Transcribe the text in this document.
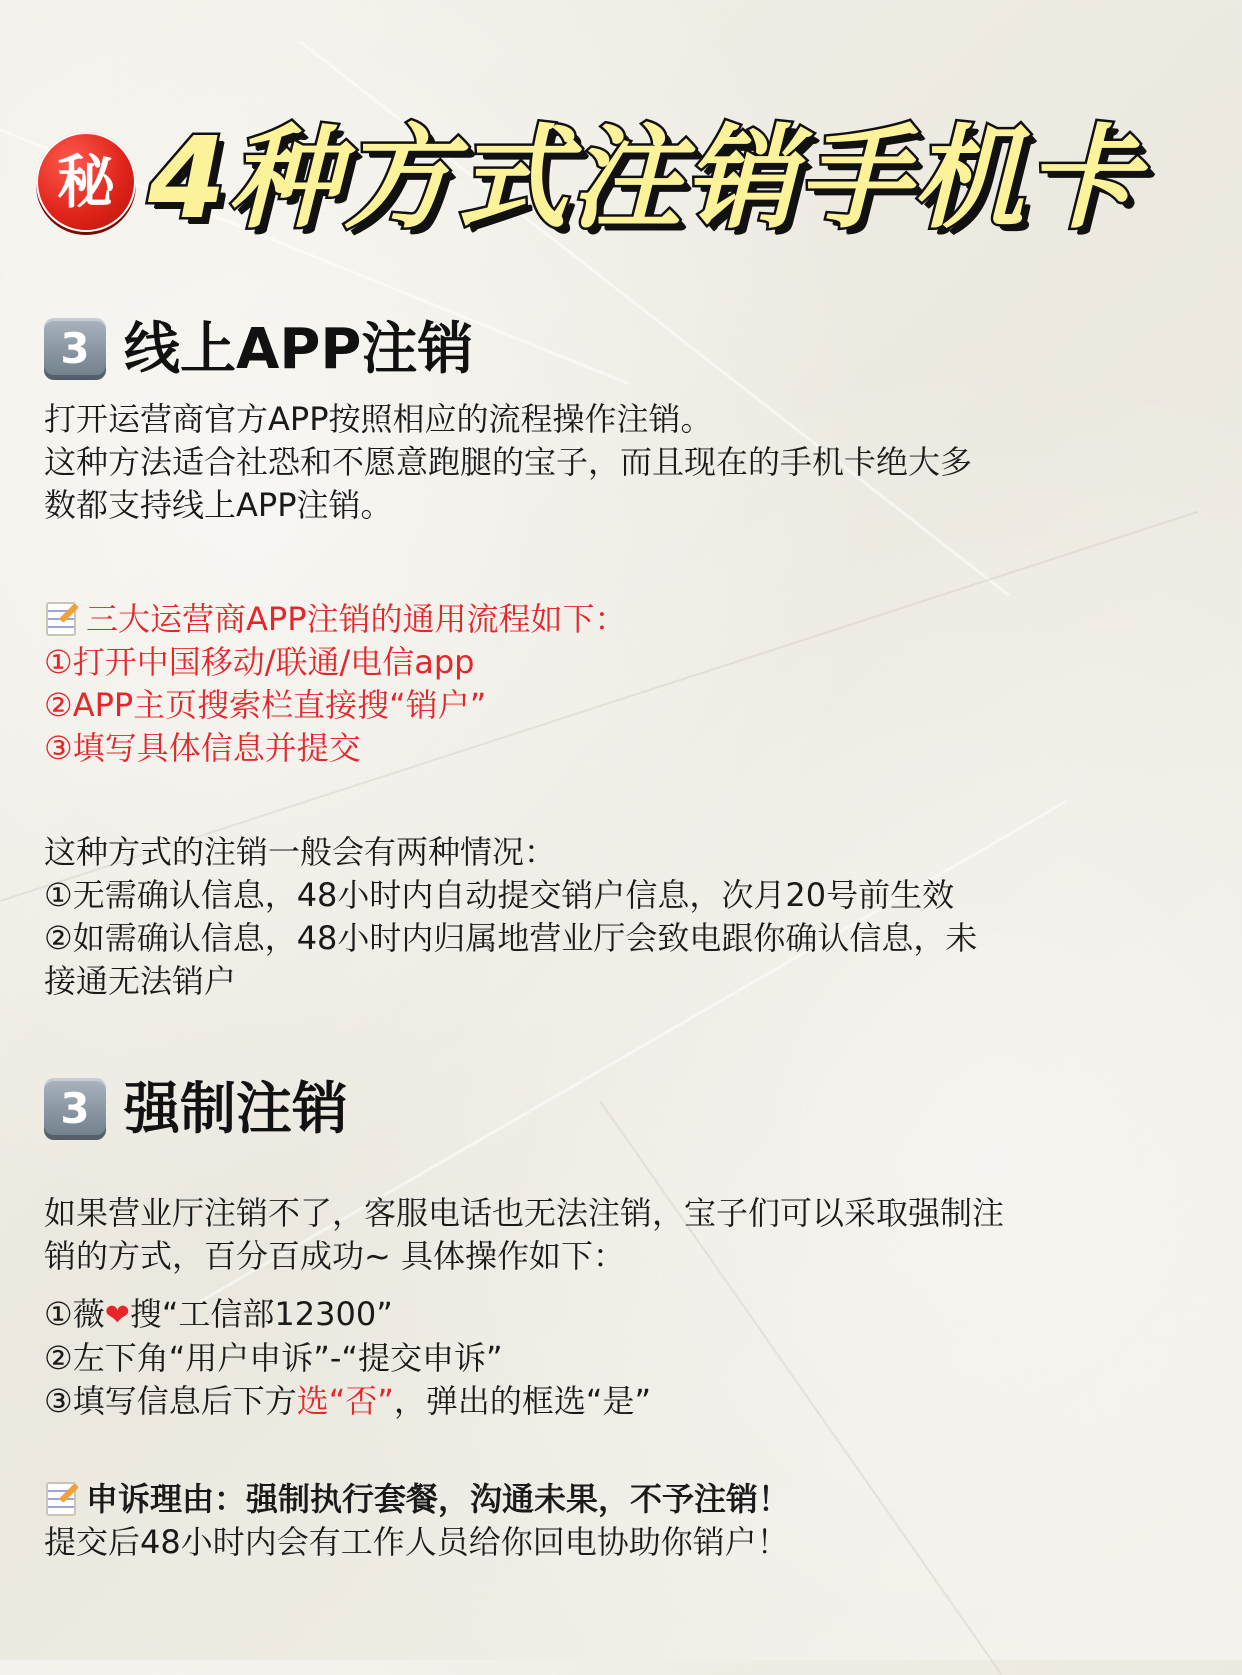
秘 4种方式注销手机卡
3 线上APP注销
打开运营商官方APP按照相应的流程操作注销。
这种方法适合社恐和不愿意跑腿的宝子，而且现在的手机卡绝大多
数都支持线上APP注销。
三大运营商APP注销的通用流程如下：
①打开中国移动/联通/电信app
②APP主页搜索栏直接搜“销户”
③填写具体信息并提交
这种方式的注销一般会有两种情况：
①无需确认信息，48小时内自动提交销户信息，次月20号前生效
②如需确认信息，48小时内归属地营业厅会致电跟你确认信息，未
接通无法销户
3 强制注销
如果营业厅注销不了，客服电话也无法注销，宝子们可以采取强制注
销的方式，百分百成功~ 具体操作如下：
①薇❤搜“工信部12300”
②左下角“用户申诉”-“提交申诉”
③填写信息后下方选“否”，弹出的框选“是”
申诉理由：强制执行套餐，沟通未果，不予注销！
提交后48小时内会有工作人员给你回电协助你销户！
